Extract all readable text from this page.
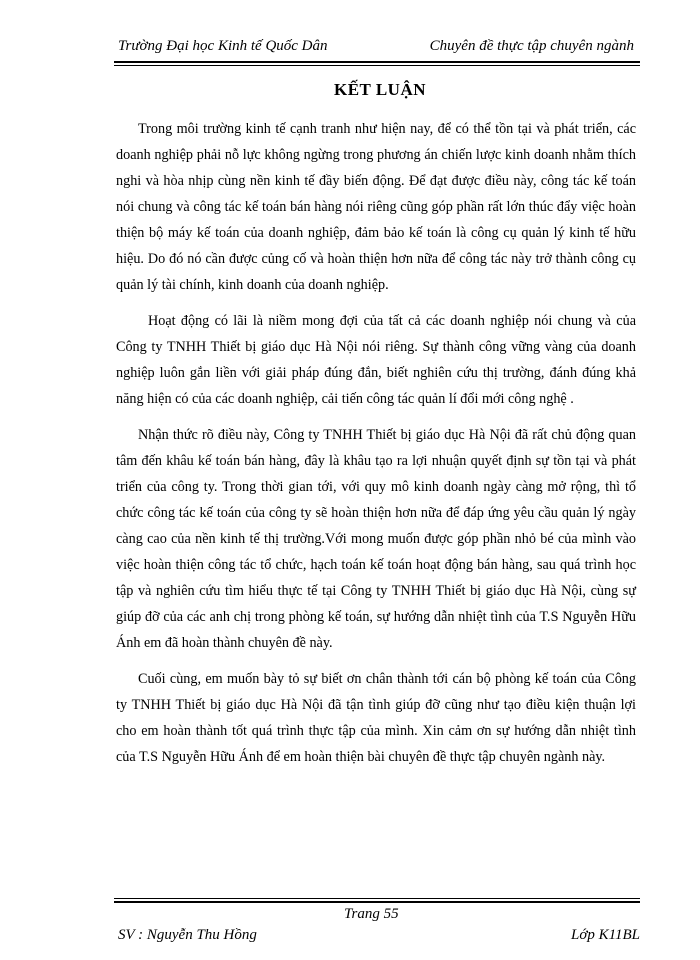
Trường Đại học Kinh tế Quốc Dân	Chuyên đề thực tập chuyên ngành
KẾT LUẬN

Trong môi trường kinh tế cạnh tranh như hiện nay, để có thể tồn tại và phát triển, các doanh nghiệp phải nỗ lực không ngừng trong phương án chiến lược kinh doanh nhằm thích nghi và hòa nhịp cùng nền kinh tế đầy biến động. Để đạt được điều này, công tác kế toán nói chung và công tác kế toán bán hàng nói riêng cũng góp phần rất lớn thúc đẩy việc hoàn thiện bộ máy kế toán của doanh nghiệp, đảm bảo kế toán là công cụ quản lý kinh tế hữu hiệu. Do đó nó cần được củng cố và hoàn thiện hơn nữa để công tác này trở thành công cụ quản lý tài chính, kinh doanh của doanh nghiệp.

Hoạt động có lãi là niềm mong đợi của tất cả các doanh nghiệp nói chung và của Công ty TNHH Thiết bị giáo dục Hà Nội nói riêng. Sự thành công vững vàng của doanh nghiệp luôn gắn liền với giải pháp đúng đắn, biết nghiên cứu thị trường, đánh đúng khả năng hiện có của các doanh nghiệp, cải tiến công tác quản lí đổi mới công nghệ .

Nhận thức rõ điều này, Công ty TNHH Thiết bị giáo dục Hà Nội đã rất chủ động quan tâm đến khâu kế toán bán hàng, đây là khâu tạo ra lợi nhuận quyết định sự tồn tại và phát triển của công ty. Trong thời gian tới, với quy mô kinh doanh ngày càng mở rộng, thì tổ chức công tác kế toán của công ty sẽ hoàn thiện hơn nữa để đáp ứng yêu cầu quản lý ngày càng cao của nền kinh tế thị trường.Với mong muốn được góp phần nhỏ bé của mình vào việc hoàn thiện công tác tổ chức, hạch toán kế toán hoạt động bán hàng, sau quá trình học tập và nghiên cứu tìm hiểu thực tế tại Công ty TNHH Thiết bị giáo dục Hà Nội, cùng sự giúp đỡ của các anh chị trong phòng kế toán, sự hướng dẫn nhiệt tình của T.S Nguyễn Hữu Ánh em đã hoàn thành chuyên đề này.

Cuối cùng, em muốn bày tỏ sự biết ơn chân thành tới cán bộ phòng kế toán của Công ty TNHH Thiết bị giáo dục Hà Nội đã tận tình giúp đỡ cũng như tạo điều kiện thuận lợi cho em hoàn thành tốt quá trình thực tập của mình. Xin cảm ơn sự hướng dẫn nhiệt tình của T.S Nguyễn Hữu Ánh để em hoàn thiện bài chuyên đề thực tập chuyên ngành này.

Trang 55
SV : Nguyễn Thu Hồng	Lớp K11BL
